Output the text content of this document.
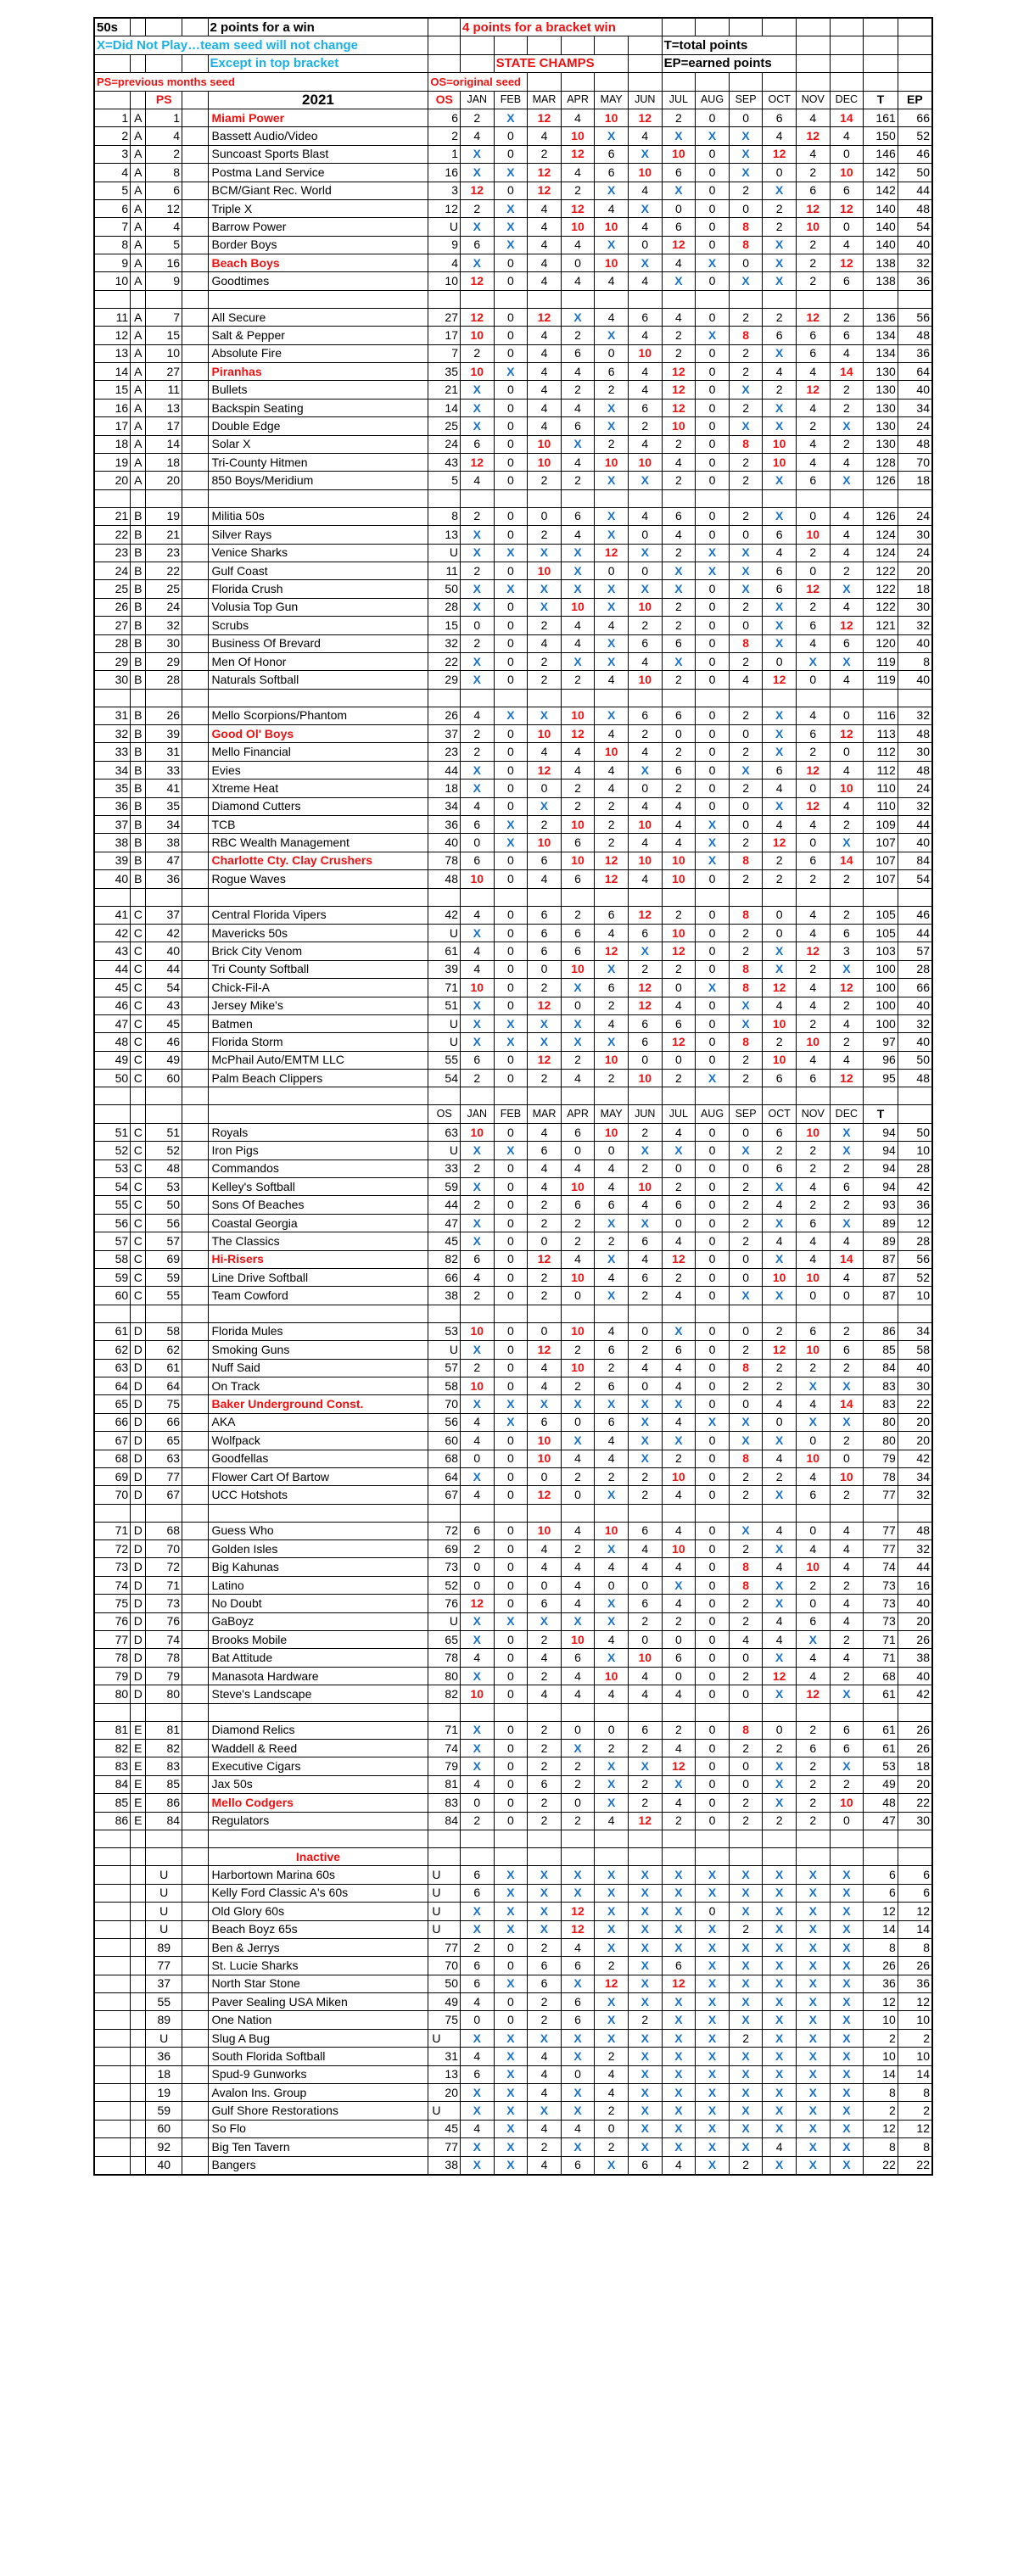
50s				2 points for a win		4 points for a bracket win													
X=Did Not Play…team seed will not change												T=total points							
				Except in top bracket			STATE CHAMPS					EP=earned points							
PS=previous months seed					OS=original seed														
		PS		2021	OS	JAN	FEB	MAR	APR	MAY	JUN	JUL	AUG	SEP	OCT	NOV	DEC	T	EP
1	A	1		Miami Power	6	2	X	12	4	10	12	2	0	0	6	4	14	161	66
2	A	4		Bassett Audio/Video	2	4	0	4	10	X	4	X	X	X	4	12	4	150	52
3	A	2		Suncoast Sports Blast	1	X	0	2	12	6	X	10	0	X	12	4	0	146	46
4	A	8		Postma Land Service	16	X	X	12	4	6	10	6	0	X	0	2	10	142	50
5	A	6		BCM/Giant Rec. World	3	12	0	12	2	X	4	X	0	2	X	6	6	142	44
6	A	12		Triple X	12	2	X	4	12	4	X	0	0	0	2	12	12	140	48
7	A	4		Barrow Power	U	X	X	4	10	10	4	6	0	8	2	10	0	140	54
8	A	5		Border Boys	9	6	X	4	4	X	0	12	0	8	X	2	4	140	40
9	A	16		Beach Boys	4	X	0	4	0	10	X	4	X	0	X	2	12	138	32
10	A	9		Goodtimes	10	12	0	4	4	4	4	X	0	X	X	2	6	138	36

11	A	7		All Secure	27	12	0	12	X	4	6	4	0	2	2	12	2	136	56
12	A	15		Salt & Pepper	17	10	0	4	2	X	4	2	X	8	6	6	6	134	48
13	A	10		Absolute Fire	7	2	0	4	6	0	10	2	0	2	X	6	4	134	36
14	A	27		Piranhas	35	10	X	4	4	6	4	12	0	2	4	4	14	130	64
15	A	11		Bullets	21	X	0	4	2	2	4	12	0	X	2	12	2	130	40
16	A	13		Backspin Seating	14	X	0	4	4	X	6	12	0	2	X	4	2	130	34
17	A	17		Double Edge	25	X	0	4	6	X	2	10	0	X	X	2	X	130	24
18	A	14		Solar X	24	6	0	10	X	2	4	2	0	8	10	4	2	130	48
19	A	18		Tri-County Hitmen	43	12	0	10	4	10	10	4	0	2	10	4	4	128	70
20	A	20		850 Boys/Meridium	5	4	0	2	2	X	X	2	0	2	X	6	X	126	18

21	B	19		Militia 50s	8	2	0	0	6	X	4	6	0	2	X	0	4	126	24
22	B	21		Silver Rays	13	X	0	2	4	X	0	4	0	0	6	10	4	124	30
23	B	23		Venice Sharks	U	X	X	X	X	12	X	2	X	X	4	2	4	124	24
24	B	22		Gulf Coast	11	2	0	10	X	0	0	X	X	X	6	0	2	122	20
25	B	25		Florida Crush	50	X	X	X	X	X	X	X	0	X	6	12	X	122	18
26	B	24		Volusia Top Gun	28	X	0	X	10	X	10	2	0	2	X	2	4	122	30
27	B	32		Scrubs	15	0	0	2	4	4	2	2	0	0	X	6	12	121	32
28	B	30		Business Of Brevard	32	2	0	4	4	X	6	6	0	8	X	4	6	120	40
29	B	29		Men Of Honor	22	X	0	2	X	X	4	X	0	2	0	X	X	119	8
30	B	28		Naturals Softball	29	X	0	2	2	4	10	2	0	4	12	0	4	119	40

31	B	26		Mello Scorpions/Phantom	26	4	X	X	10	X	6	6	0	2	X	4	0	116	32
32	B	39		Good Ol' Boys	37	2	0	10	12	4	2	0	0	0	X	6	12	113	48
33	B	31		Mello Financial	23	2	0	4	4	10	4	2	0	2	X	2	0	112	30
34	B	33		Evies	44	X	0	12	4	4	X	6	0	X	6	12	4	112	48
35	B	41		Xtreme Heat	18	X	0	0	2	4	0	2	0	2	4	0	10	110	24
36	B	35		Diamond Cutters	34	4	0	X	2	2	4	4	0	0	X	12	4	110	32
37	B	34		TCB	36	6	X	2	10	2	10	4	X	0	4	4	2	109	44
38	B	38		RBC Wealth Management	40	0	X	10	6	2	4	4	X	2	12	0	X	107	40
39	B	47		Charlotte Cty. Clay Crushers	78	6	0	6	10	12	10	10	X	8	2	6	14	107	84
40	B	36		Rogue Waves	48	10	0	4	6	12	4	10	0	2	2	2	2	107	54

41	C	37		Central Florida Vipers	42	4	0	6	2	6	12	2	0	8	0	4	2	105	46
42	C	42		Mavericks 50s	U	X	0	6	6	4	6	10	0	2	0	4	6	105	44
43	C	40		Brick City Venom	61	4	0	6	6	12	X	12	0	2	X	12	3	103	57
44	C	44		Tri County Softball	39	4	0	0	10	X	2	2	0	8	X	2	X	100	28
45	C	54		Chick-Fil-A	71	10	0	2	X	6	12	0	X	8	12	4	12	100	66
46	C	43		Jersey Mike's	51	X	0	12	0	2	12	4	0	X	4	4	2	100	40
47	C	45		Batmen	U	X	X	X	X	4	6	6	0	X	10	2	4	100	32
48	C	46		Florida Storm	U	X	X	X	X	X	6	12	0	8	2	10	2	97	40
49	C	49		McPhail Auto/EMTM LLC	55	6	0	12	2	10	0	0	0	2	10	4	4	96	50
50	C	60		Palm Beach Clippers	54	2	0	2	4	2	10	2	X	2	6	6	12	95	48

					OS	JAN	FEB	MAR	APR	MAY	JUN	JUL	AUG	SEP	OCT	NOV	DEC	T	
51	C	51		Royals	63	10	0	4	6	10	2	4	0	0	6	10	X	94	50
52	C	52		Iron Pigs	U	X	X	6	0	0	X	X	0	X	2	2	X	94	10
53	C	48		Commandos	33	2	0	4	4	4	2	0	0	0	6	2	2	94	28
54	C	53		Kelley's Softball	59	X	0	4	10	4	10	2	0	2	X	4	6	94	42
55	C	50		Sons Of Beaches	44	2	0	2	6	6	4	6	0	2	4	2	2	93	36
56	C	56		Coastal Georgia	47	X	0	2	2	X	X	0	0	2	X	6	X	89	12
57	C	57		The Classics	45	X	0	0	2	2	6	4	0	2	4	4	4	89	28
58	C	69		Hi-Risers	82	6	0	12	4	X	4	12	0	0	X	4	14	87	56
59	C	59		Line Drive Softball	66	4	0	2	10	4	6	2	0	0	10	10	4	87	52
60	C	55		Team Cowford	38	2	0	2	0	X	2	4	0	X	X	0	0	87	10

61	D	58		Florida Mules	53	10	0	0	10	4	0	X	0	0	2	6	2	86	34
62	D	62		Smoking Guns	U	X	0	12	2	6	2	6	0	2	12	10	6	85	58
63	D	61		Nuff Said	57	2	0	4	10	2	4	4	0	8	2	2	2	84	40
64	D	64		On Track	58	10	0	4	2	6	0	4	0	2	2	X	X	83	30
65	D	75		Baker Underground Const.	70	X	X	X	X	X	X	X	0	0	4	4	14	83	22
66	D	66		AKA	56	4	X	6	0	6	X	4	X	X	0	X	X	80	20
67	D	65		Wolfpack	60	4	0	10	X	4	X	X	0	X	X	0	2	80	20
68	D	63		Goodfellas	68	0	0	10	4	4	X	2	0	8	4	10	0	79	42
69	D	77		Flower Cart Of Bartow	64	X	0	0	2	2	2	10	0	2	2	4	10	78	34
70	D	67		UCC Hotshots	67	4	0	12	0	X	2	4	0	2	X	6	2	77	32

71	D	68		Guess Who	72	6	0	10	4	10	6	4	0	X	4	0	4	77	48
72	D	70		Golden Isles	69	2	0	4	2	X	4	10	0	2	X	4	4	77	32
73	D	72		Big Kahunas	73	0	0	4	4	4	4	4	0	8	4	10	4	74	44
74	D	71		Latino	52	0	0	0	4	0	0	X	0	8	X	2	2	73	16
75	D	73		No Doubt	76	12	0	6	4	X	6	4	0	2	X	0	4	73	40
76	D	76		GaBoyz	U	X	X	X	X	X	2	2	0	2	4	6	4	73	20
77	D	74		Brooks Mobile	65	X	0	2	10	4	0	0	0	4	4	X	2	71	26
78	D	78		Bat Attitude	78	4	0	4	6	X	10	6	0	0	X	4	4	71	38
79	D	79		Manasota Hardware	80	X	0	2	4	10	4	0	0	2	12	4	2	68	40
80	D	80		Steve's Landscape	82	10	0	4	4	4	4	4	0	0	X	12	X	61	42

81	E	81		Diamond Relics	71	X	0	2	0	0	6	2	0	8	0	2	6	61	26
82	E	82		Waddell & Reed	74	X	0	2	X	2	2	4	0	2	2	6	6	61	26
83	E	83		Executive Cigars	79	X	0	2	2	X	X	12	0	0	X	2	X	53	18
84	E	85		Jax 50s	81	4	0	6	2	X	2	X	0	0	X	2	2	49	20
85	E	86		Mello Codgers	83	0	0	2	0	X	2	4	0	2	X	2	10	48	22
86	E	84		Regulators	84	2	0	2	2	4	12	2	0	2	2	2	0	47	30

				Inactive															
		U		Harbortown Marina 60s	U	6	X	X	X	X	X	X	X	X	X	X	X	6	6
		U		Kelly Ford Classic A's 60s	U	6	X	X	X	X	X	X	X	X	X	X	X	6	6
		U		Old Glory 60s	U	X	X	X	12	X	X	X	0	X	X	X	X	12	12
		U		Beach Boyz 65s	U	X	X	X	12	X	X	X	X	2	X	X	X	14	14
		89		Ben & Jerrys	77	2	0	2	4	X	X	X	X	X	X	X	X	8	8
		77		St. Lucie Sharks	70	6	0	6	6	2	X	6	X	X	X	X	X	26	26
		37		North Star Stone	50	6	X	6	X	12	X	12	X	X	X	X	X	36	36
		55		Paver Sealing USA Miken	49	4	0	2	6	X	X	X	X	X	X	X	X	12	12
		89		One Nation	75	0	0	2	6	X	2	X	X	X	X	X	X	10	10
		U		Slug A Bug	U	X	X	X	X	X	X	X	X	2	X	X	X	2	2
		36		South Florida Softball	31	4	X	4	X	2	X	X	X	X	X	X	X	10	10
		18		Spud-9 Gunworks	13	6	X	4	0	4	X	X	X	X	X	X	X	14	14
		19		Avalon Ins. Group	20	X	X	4	X	4	X	X	X	X	X	X	X	8	8
		59		Gulf Shore Restorations	U	X	X	X	X	2	X	X	X	X	X	X	X	2	2
		60		So Flo	45	4	X	4	4	0	X	X	X	X	X	X	X	12	12
		92		Big Ten Tavern	77	X	X	2	X	2	X	X	X	X	4	X	X	8	8
		40		Bangers	38	X	X	4	6	X	6	4	X	2	X	X	X	22	22
